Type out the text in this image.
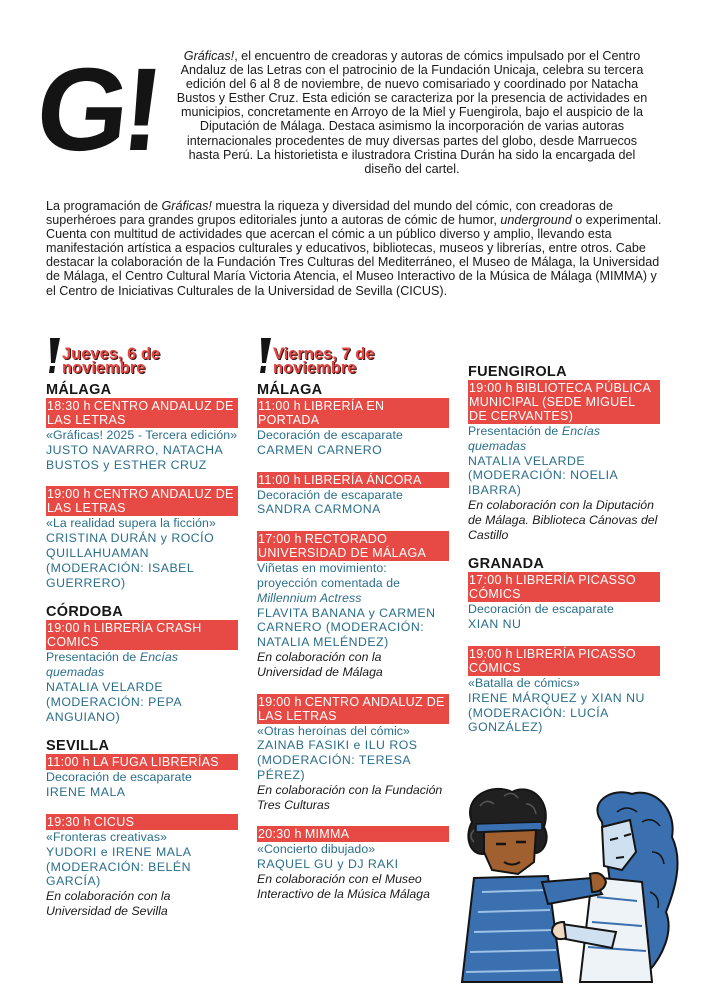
G!	Gráficas!, el encuentro de creadoras y autoras de cómics impulsado por el Centro Andaluz de las Letras con el patrocinio de la Fundación Unicaja, celebra su tercera edición del 6 al 8 de noviembre, de nuevo comisariado y coordinado por Natacha Bustos y Esther Cruz. Esta edición se caracteriza por la presencia de actividades en municipios, concretamente en Arroyo de la Miel y Fuengirola, bajo el auspicio de la Diputación de Málaga. Destaca asimismo la incorporación de varias autoras internacionales procedentes de muy diversas partes del globo, desde Marruecos hasta Perú. La historietista e ilustradora Cristina Durán ha sido la encargada del diseño del cartel.
La programación de Gráficas! muestra la riqueza y diversidad del mundo del cómic, con creadoras de superhéroes para grandes grupos editoriales junto a autoras de cómic de humor, underground o experimental. Cuenta con multitud de actividades que acercan el cómic a un público diverso y amplio, llevando esta manifestación artística a espacios culturales y educativos, bibliotecas, museos y librerías, entre otros. Cabe destacar la colaboración de la Fundación Tres Culturas del Mediterráneo, el Museo de Málaga, la Universidad de Málaga, el Centro Cultural María Victoria Atencia, el Museo Interactivo de la Música de Málaga (MIMMA) y el Centro de Iniciativas Culturales de la Universidad de Sevilla (CICUS).
Jueves, 6 de noviembre
MÁLAGA
18:30 h CENTRO ANDALUZ DE LAS LETRAS
«Gráficas! 2025 - Tercera edición»
JUSTO NAVARRO, NATACHA BUSTOS y ESTHER CRUZ
19:00 h CENTRO ANDALUZ DE LAS LETRAS
«La realidad supera la ficción»
CRISTINA DURÁN y ROCÍO QUILLAHUAMAN (MODERACIÓN: ISABEL GUERRERO)
CÓRDOBA
19:00 h LIBRERÍA CRASH COMICS
Presentación de Encías quemadas
NATALIA VELARDE (MODERACIÓN: PEPA ANGUIANO)
SEVILLA
11:00 h LA FUGA LIBRERÍAS
Decoración de escaparate
IRENE MALA
19:30 h CICUS
«Fronteras creativas»
YUDORI e IRENE MALA (MODERACIÓN: BELÉN GARCÍA)
En colaboración con la Universidad de Sevilla
Viernes, 7 de noviembre
MÁLAGA
11:00 h LIBRERÍA EN PORTADA
Decoración de escaparate
CARMEN CARNERO
11:00 h LIBRERÍA ÁNCORA
Decoración de escaparate
SANDRA CARMONA
17:00 h RECTORADO UNIVERSIDAD DE MÁLAGA
Viñetas en movimiento: proyección comentada de Millennium Actress
FLAVITA BANANA y CARMEN CARNERO (MODERACIÓN: NATALIA MELÉNDEZ)
En colaboración con la Universidad de Málaga
19:00 h CENTRO ANDALUZ DE LAS LETRAS
«Otras heroínas del cómic»
ZAINAB FASIKI e ILU ROS (MODERACIÓN: TERESA PÉREZ)
En colaboración con la Fundación Tres Culturas
20:30 h MIMMA
«Concierto dibujado»
RAQUEL GU y DJ RAKI
En colaboración con el Museo Interactivo de la Música Málaga
FUENGIROLA
19:00 h BIBLIOTECA PÚBLICA MUNICIPAL (SEDE MIGUEL DE CERVANTES)
Presentación de Encías quemadas
NATALIA VELARDE (MODERACIÓN: NOELIA IBARRA)
En colaboración con la Diputación de Málaga. Biblioteca Cánovas del Castillo
GRANADA
17:00 h LIBRERÍA PICASSO CÓMICS
Decoración de escaparate
XIAN NU
19:00 h LIBRERÍA PICASSO CÓMICS
«Batalla de cómics»
IRENE MÁRQUEZ y XIAN NU (MODERACIÓN: LUCÍA GONZÁLEZ)
